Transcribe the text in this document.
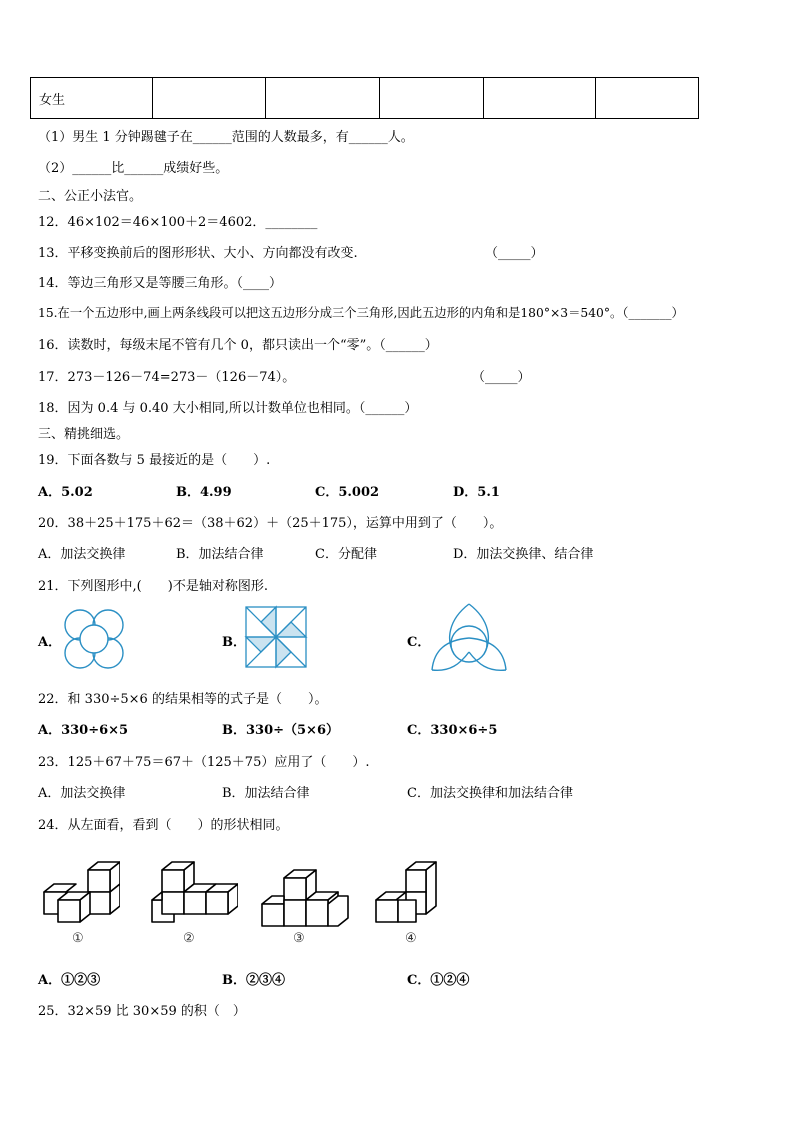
女生					
（1）男生 1 分钟踢毽子在______范围的人数最多，有______人。
（2）______比______成绩好些。
二、公正小法官。
12．46×102＝46×100＋2＝4602．________
13．平移变换前后的图形形状、大小、方向都没有改变.	（_____）
14．等边三角形又是等腰三角形。（____）
15.在一个五边形中,画上两条线段可以把这五边形分成三个三角形,因此五边形的内角和是180°×3＝540°。（_______）
16．读数时，每级末尾不管有几个 0，都只读出一个“零”。（______）
17．273－126－74=273－（126－74）。	（_____）
18．因为 0.4 与 0.40 大小相同,所以计数单位也相同。（______）
三、精挑细选。
19．下面各数与 5 最接近的是（　　）.
A．5.02	B．4.99	C．5.002	D．5.1
20．38＋25＋175＋62＝（38＋62）＋（25＋175），运算中用到了（　　）。
A．加法交换律	B．加法结合律	C．分配律	D．加法交换律、结合律
21．下列图形中,(　　)不是轴对称图形.
A．	B．	C．
22．和 330÷5×6 的结果相等的式子是（　　）。
A．330÷6×5	B．330÷（5×6）	C．330×6÷5
23．125＋67＋75＝67＋（125＋75）应用了（　　）.
A．加法交换律	B．加法结合律	C．加法交换律和加法结合律
24．从左面看，看到（　　）的形状相同。
①	②	③	④
A．①②③	B．②③④	C．①②④
25．32×59 比 30×59 的积（　）
